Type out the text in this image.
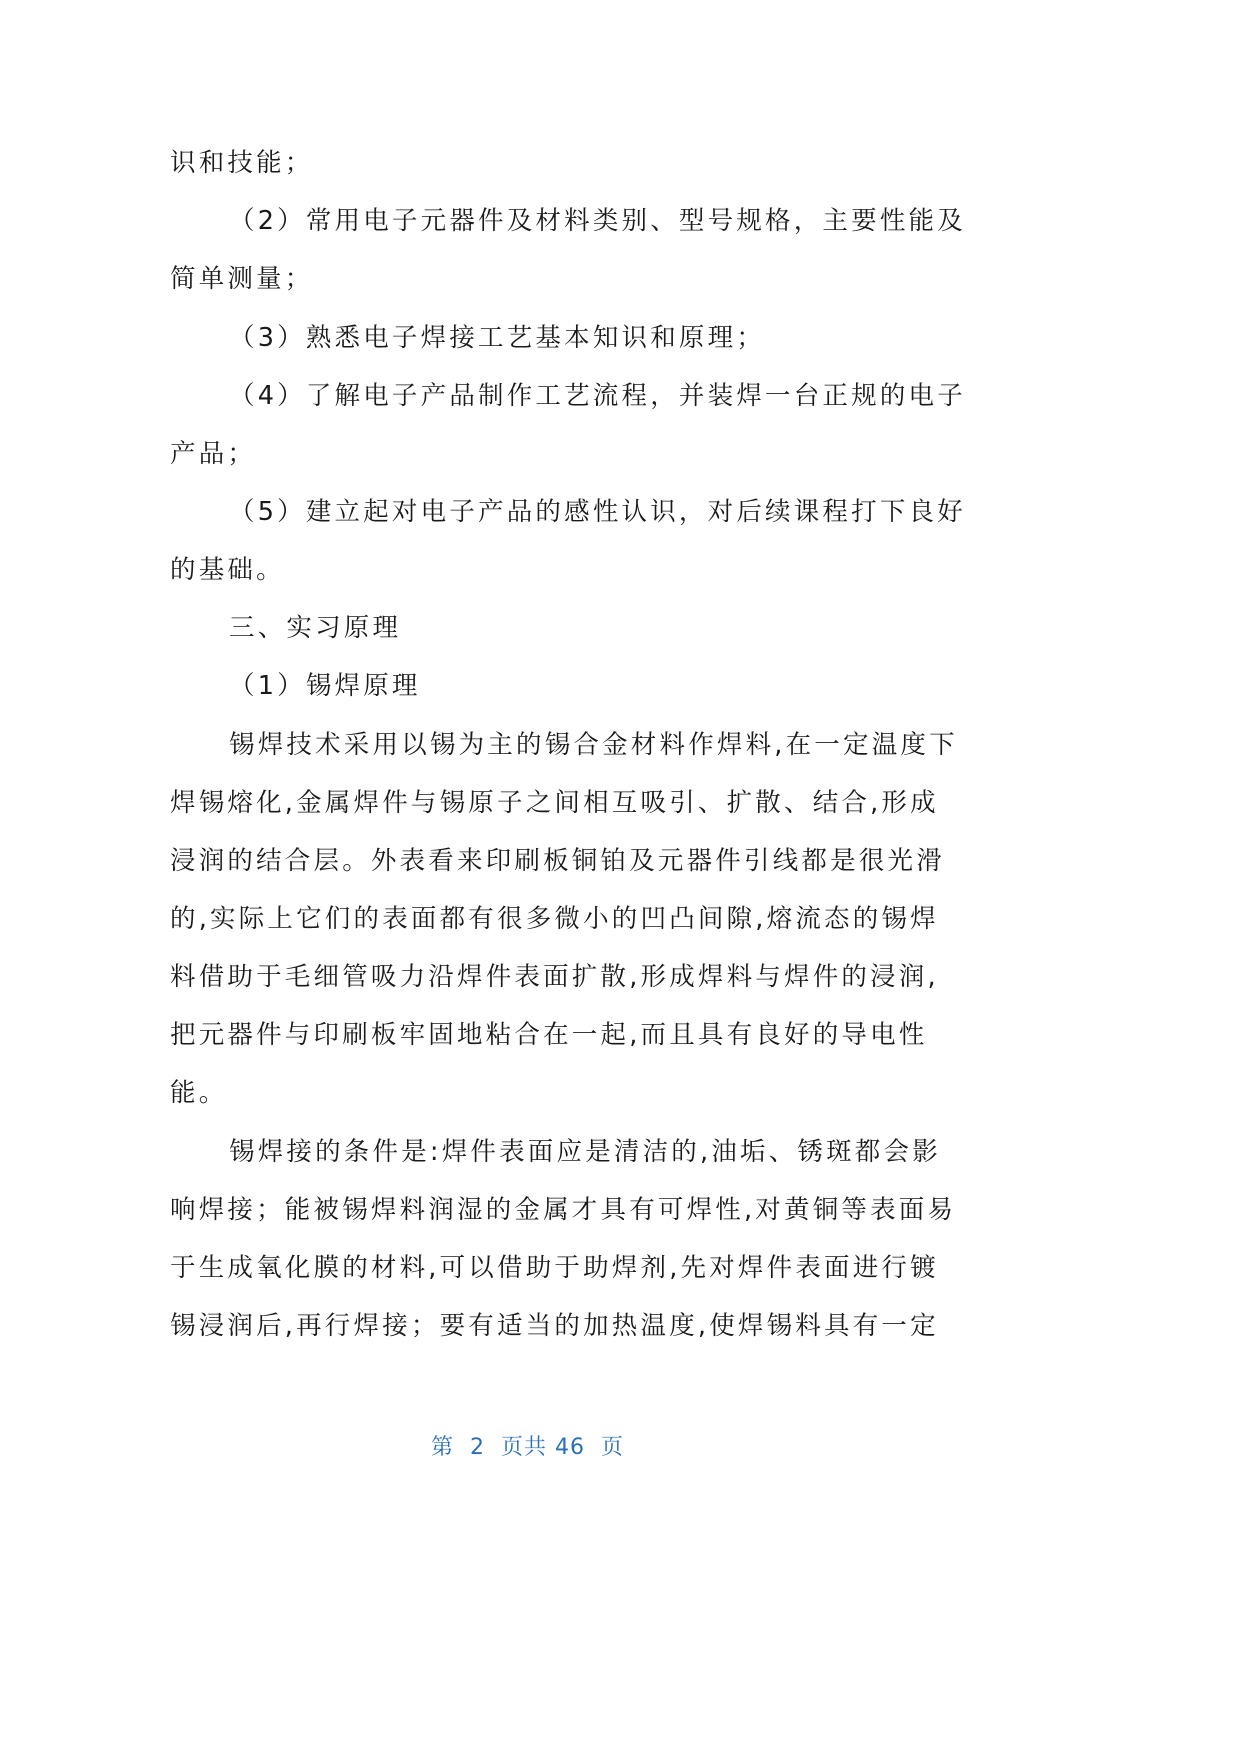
识和技能；
（2）常用电子元器件及材料类别、型号规格，主要性能及
简单测量；
（3）熟悉电子焊接工艺基本知识和原理；
（4）了解电子产品制作工艺流程，并装焊一台正规的电子
产品；
（5）建立起对电子产品的感性认识，对后续课程打下良好
的基础。
三、实习原理
（1）锡焊原理
锡焊技术采用以锡为主的锡合金材料作焊料,在一定温度下
焊锡熔化,金属焊件与锡原子之间相互吸引、扩散、结合,形成
浸润的结合层。外表看来印刷板铜铂及元器件引线都是很光滑
的,实际上它们的表面都有很多微小的凹凸间隙,熔流态的锡焊
料借助于毛细管吸力沿焊件表面扩散,形成焊料与焊件的浸润,
把元器件与印刷板牢固地粘合在一起,而且具有良好的导电性
能。
锡焊接的条件是:焊件表面应是清洁的,油垢、锈斑都会影
响焊接；能被锡焊料润湿的金属才具有可焊性,对黄铜等表面易
于生成氧化膜的材料,可以借助于助焊剂,先对焊件表面进行镀
锡浸润后,再行焊接；要有适当的加热温度,使焊锡料具有一定
第  2  页共 46  页
